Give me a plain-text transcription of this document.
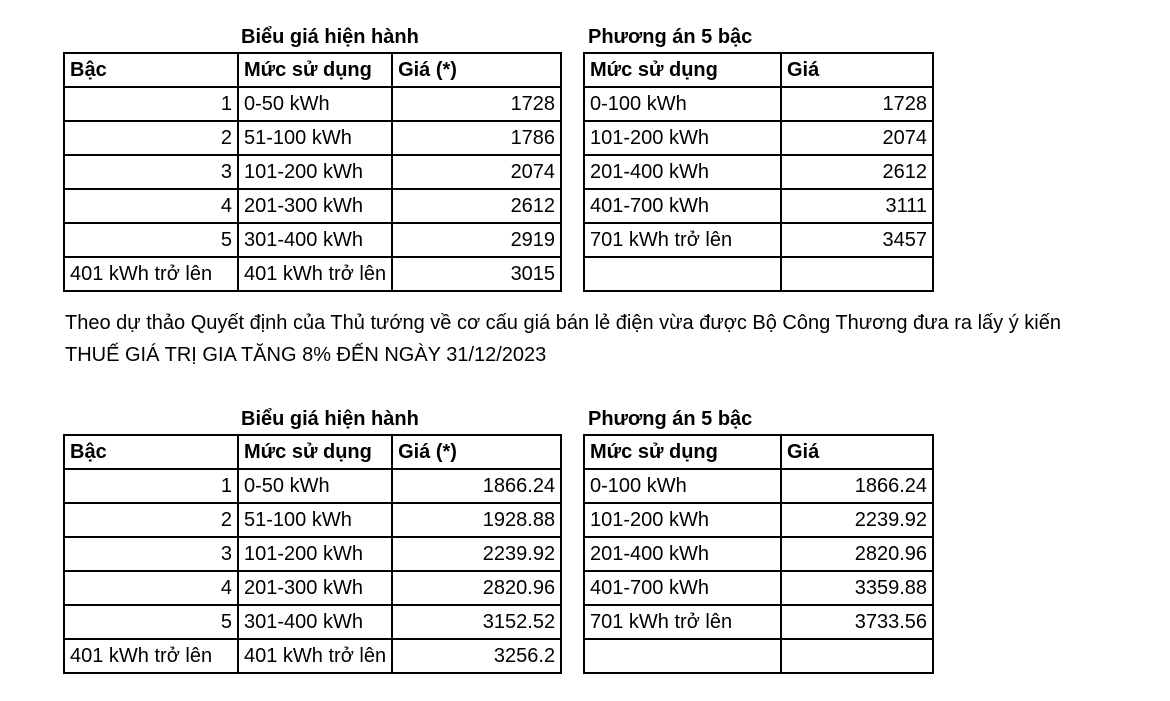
Biểu giá hiện hành	Phương án 5 bậc
Bậc	Mức sử dụng	Giá (*)
1	0-50 kWh	1728
2	51-100 kWh	1786
3	101-200 kWh	2074
4	201-300 kWh	2612
5	301-400 kWh	2919
401 kWh trở lên	401 kWh trở lên	3015
Mức sử dụng	Giá
0-100 kWh	1728
101-200 kWh	2074
201-400 kWh	2612
401-700 kWh	3111
701 kWh trở lên	3457

Theo dự thảo Quyết định của Thủ tướng về cơ cấu giá bán lẻ điện vừa được Bộ Công Thương đưa ra lấy ý kiến
THUẾ GIÁ TRỊ GIA TĂNG 8% ĐẾN NGÀY 31/12/2023
Biểu giá hiện hành	Phương án 5 bậc
Bậc	Mức sử dụng	Giá (*)
1	0-50 kWh	1866.24
2	51-100 kWh	1928.88
3	101-200 kWh	2239.92
4	201-300 kWh	2820.96
5	301-400 kWh	3152.52
401 kWh trở lên	401 kWh trở lên	3256.2
Mức sử dụng	Giá
0-100 kWh	1866.24
101-200 kWh	2239.92
201-400 kWh	2820.96
401-700 kWh	3359.88
701 kWh trở lên	3733.56
